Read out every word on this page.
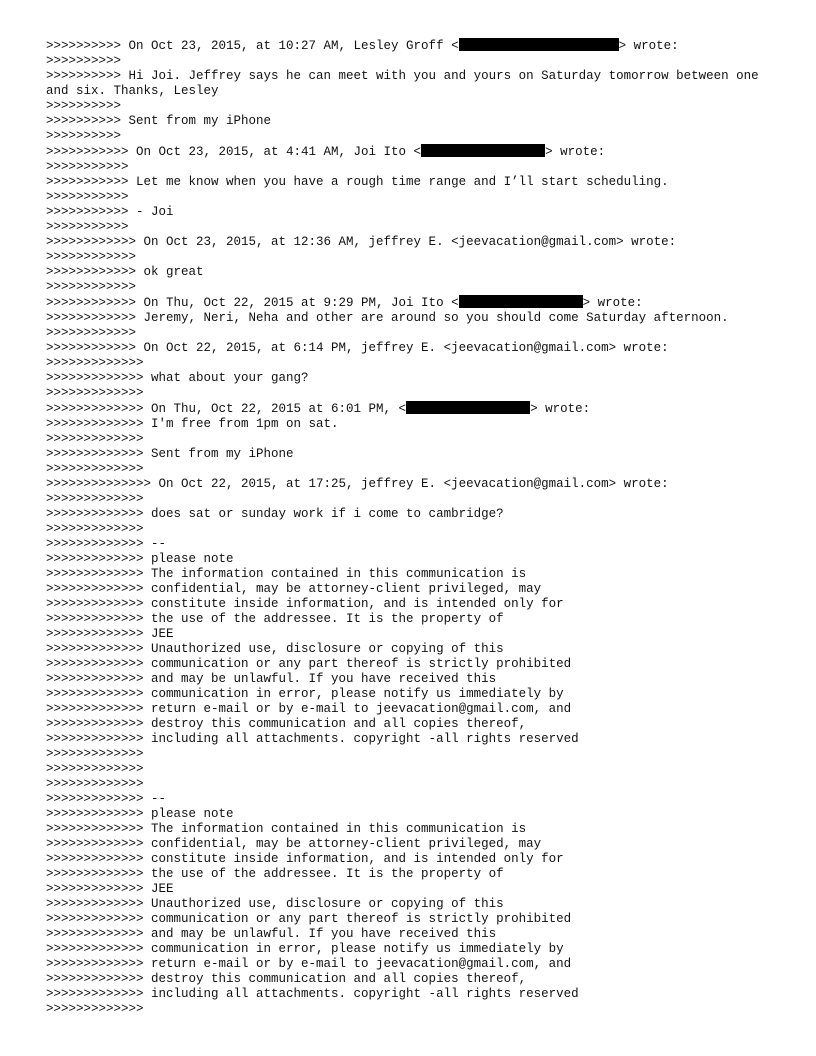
>>>>>>>>>> On Oct 23, 2015, at 10:27 AM, Lesley Groff <	> wrote:
>>>>>>>>>>
>>>>>>>>>> Hi Joi. Jeffrey says he can meet with you and yours on Saturday tomorrow between one and six. Thanks, Lesley
>>>>>>>>>>
>>>>>>>>>> Sent from my iPhone
>>>>>>>>>>
>>>>>>>>>>> On Oct 23, 2015, at 4:41 AM, Joi Ito <	> wrote:
>>>>>>>>>>>
>>>>>>>>>>> Let me know when you have a rough time range and I’ll start scheduling.
>>>>>>>>>>>
>>>>>>>>>>> - Joi
>>>>>>>>>>>
>>>>>>>>>>>> On Oct 23, 2015, at 12:36 AM, jeffrey E. <jeevacation@gmail.com> wrote:
>>>>>>>>>>>>
>>>>>>>>>>>> ok great
>>>>>>>>>>>>
>>>>>>>>>>>> On Thu, Oct 22, 2015 at 9:29 PM, Joi Ito <	> wrote:
>>>>>>>>>>>> Jeremy, Neri, Neha and other are around so you should come Saturday afternoon.
>>>>>>>>>>>>
>>>>>>>>>>>> On Oct 22, 2015, at 6:14 PM, jeffrey E. <jeevacation@gmail.com> wrote:
>>>>>>>>>>>>>
>>>>>>>>>>>>> what about your gang?
>>>>>>>>>>>>>
>>>>>>>>>>>>> On Thu, Oct 22, 2015 at 6:01 PM, <	> wrote:
>>>>>>>>>>>>> I'm free from 1pm on sat.
>>>>>>>>>>>>>
>>>>>>>>>>>>> Sent from my iPhone
>>>>>>>>>>>>>
>>>>>>>>>>>>>> On Oct 22, 2015, at 17:25, jeffrey E. <jeevacation@gmail.com> wrote:
>>>>>>>>>>>>>
>>>>>>>>>>>>> does sat or sunday work if i come to cambridge?
>>>>>>>>>>>>>
>>>>>>>>>>>>> --
>>>>>>>>>>>>> please note
>>>>>>>>>>>>> The information contained in this communication is
>>>>>>>>>>>>> confidential, may be attorney-client privileged, may
>>>>>>>>>>>>> constitute inside information, and is intended only for
>>>>>>>>>>>>> the use of the addressee. It is the property of
>>>>>>>>>>>>> JEE
>>>>>>>>>>>>> Unauthorized use, disclosure or copying of this
>>>>>>>>>>>>> communication or any part thereof is strictly prohibited
>>>>>>>>>>>>> and may be unlawful. If you have received this
>>>>>>>>>>>>> communication in error, please notify us immediately by
>>>>>>>>>>>>> return e-mail or by e-mail to jeevacation@gmail.com, and
>>>>>>>>>>>>> destroy this communication and all copies thereof,
>>>>>>>>>>>>> including all attachments. copyright -all rights reserved
>>>>>>>>>>>>>
>>>>>>>>>>>>>
>>>>>>>>>>>>>
>>>>>>>>>>>>> --
>>>>>>>>>>>>> please note
>>>>>>>>>>>>> The information contained in this communication is
>>>>>>>>>>>>> confidential, may be attorney-client privileged, may
>>>>>>>>>>>>> constitute inside information, and is intended only for
>>>>>>>>>>>>> the use of the addressee. It is the property of
>>>>>>>>>>>>> JEE
>>>>>>>>>>>>> Unauthorized use, disclosure or copying of this
>>>>>>>>>>>>> communication or any part thereof is strictly prohibited
>>>>>>>>>>>>> and may be unlawful. If you have received this
>>>>>>>>>>>>> communication in error, please notify us immediately by
>>>>>>>>>>>>> return e-mail or by e-mail to jeevacation@gmail.com, and
>>>>>>>>>>>>> destroy this communication and all copies thereof,
>>>>>>>>>>>>> including all attachments. copyright -all rights reserved
>>>>>>>>>>>>>
